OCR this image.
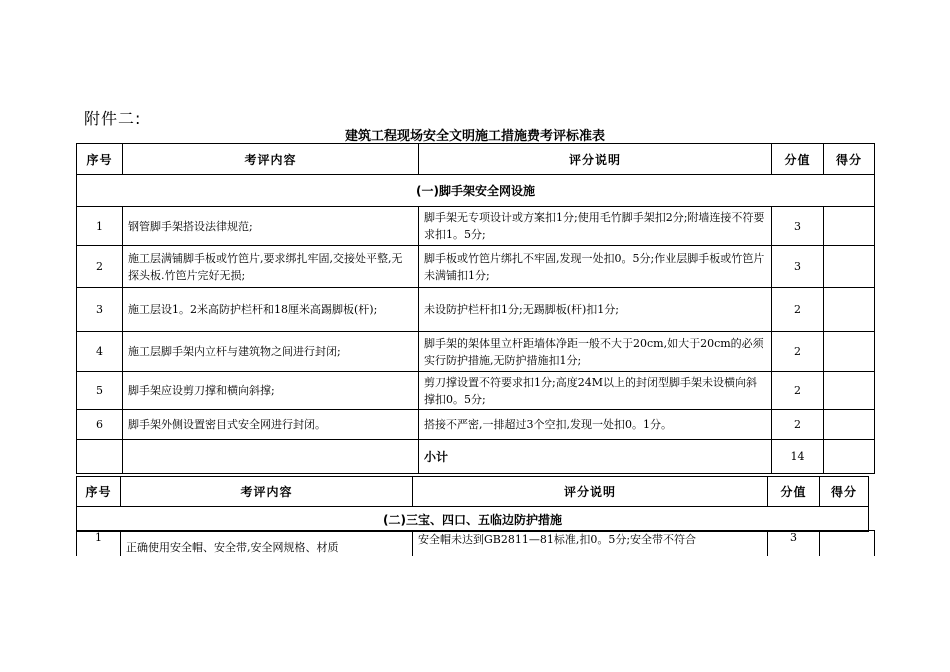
附件二:
建筑工程现场安全文明施工措施费考评标准表
序号	考评内容	评分说明	分值	得分
(一)脚手架安全网设施				
1	钢管脚手架搭设法律规范;	脚手架无专项设计或方案扣1分;使用毛竹脚手架扣2分;附墙连接不符要求扣1。5分;	3	
2	施工层满铺脚手板或竹笆片,要求绑扎牢固,交接处平整,无探头板.竹笆片完好无损;	脚手板或竹笆片绑扎不牢固,发现一处扣0。5分;作业层脚手板或竹笆片未满铺扣1分;	3	
3	施工层设1。2米高防护栏杆和18厘米高踢脚板(杆);	未设防护栏杆扣1分;无踢脚板(杆)扣1分;	2	
4	施工层脚手架内立杆与建筑物之间进行封闭;	脚手架的架体里立杆距墙体净距一般不大于20cm,如大于20cm的必须实行防护措施,无防护措施扣1分;	2	
5	脚手架应设剪刀撑和横向斜撑;	剪刀撑设置不符要求扣1分;高度24M以上的封闭型脚手架未设横向斜撑扣0。5分;	2	
6	脚手架外侧设置密目式安全网进行封闭。	搭接不严密,一排超过3个空扣,发现一处扣0。1分。	2	
		小计	14	
序号	考评内容	评分说明	分值	得分
(二)三宝、四口、五临边防护措施
1	正确使用安全帽、安全带,安全网规格、材质	安全帽未达到GB2811—81标准,扣0。5分;安全带不符合	3	
